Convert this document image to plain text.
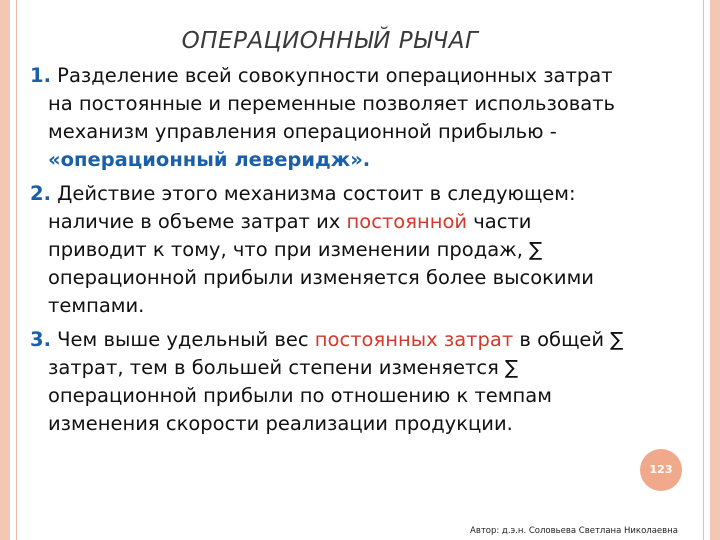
ОПЕРАЦИОННЫЙ РЫЧАГ

1. Разделение всей совокупности операционных затрат на постоянные и переменные позволяет использовать механизм управления операционной прибылью - «операционный леверидж».

2. Действие этого механизма состоит в следующем: наличие в объеме затрат их постоянной части приводит к тому, что при изменении продаж, ∑ операционной прибыли изменяется более высокими темпами.

3. Чем выше удельный вес постоянных затрат в общей ∑ затрат, тем в большей степени изменяется ∑ операционной прибыли по отношению к темпам изменения скорости реализации продукции.

123
Автор: д.э.н. Соловьева Светлана Николаевна
